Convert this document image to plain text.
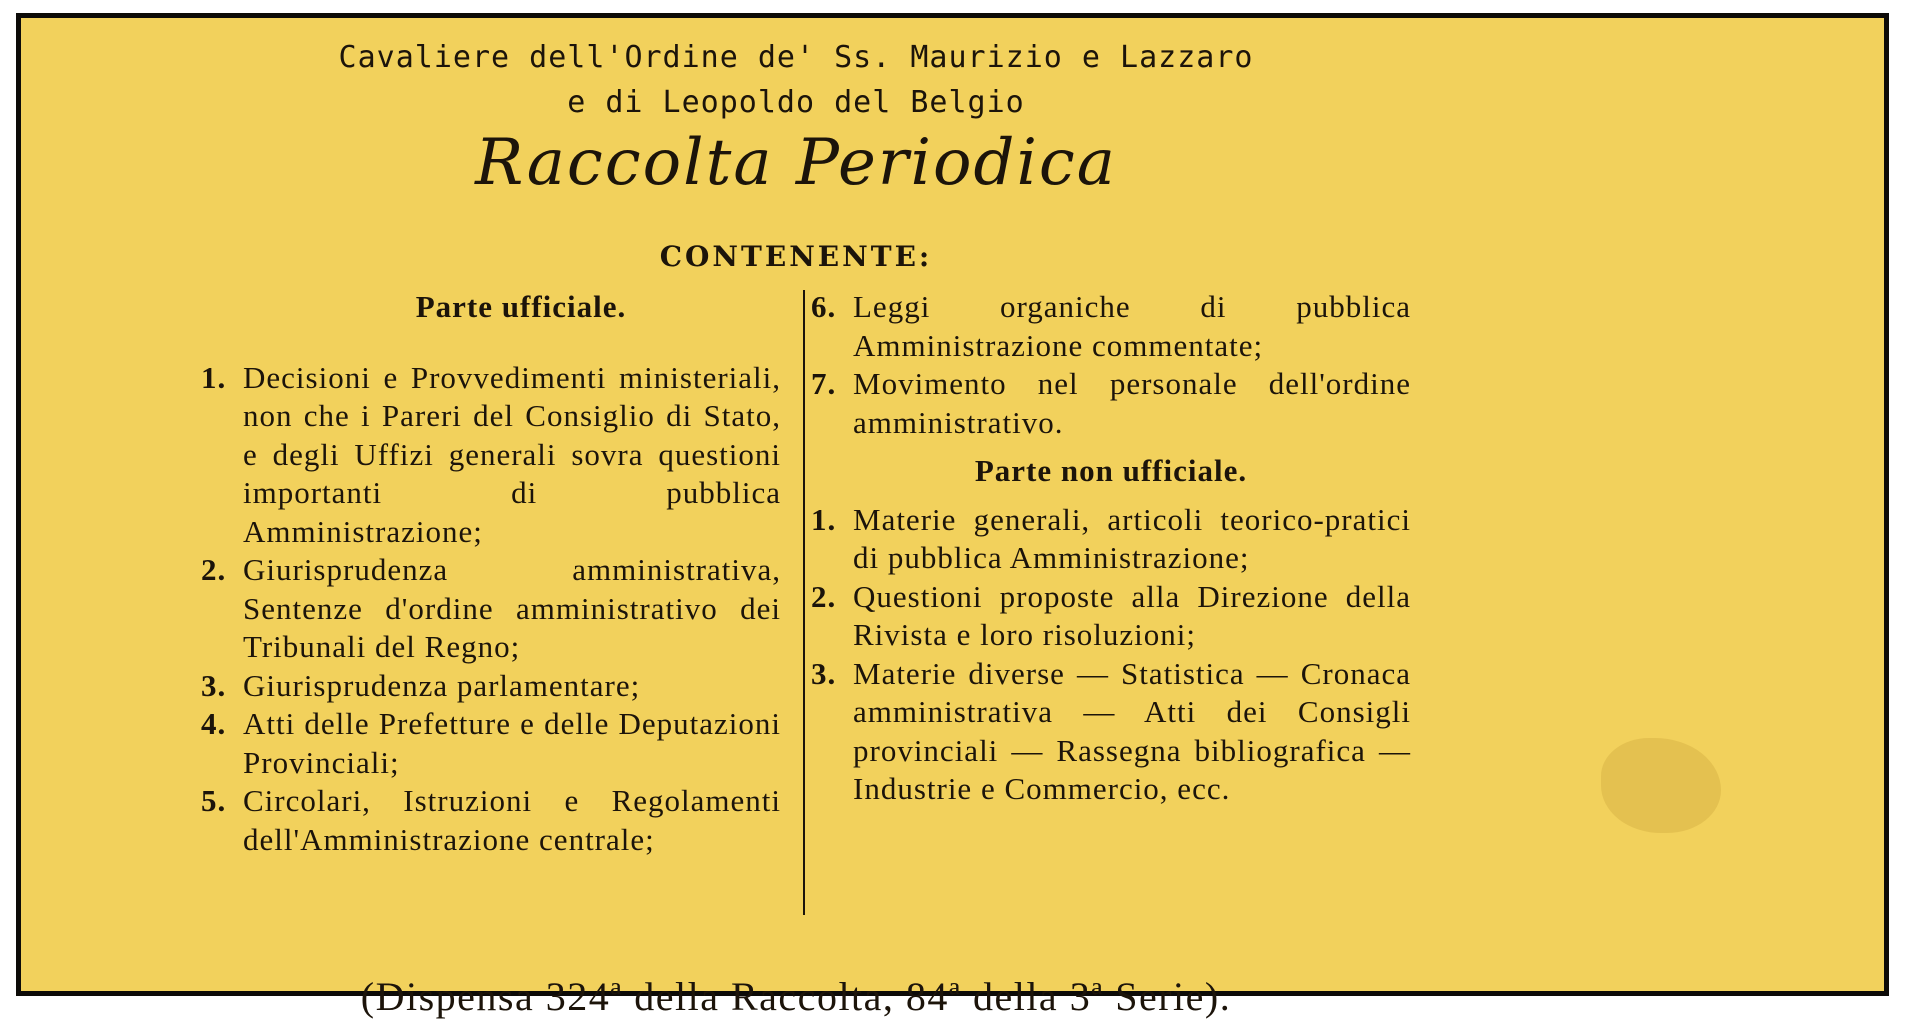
Cavaliere dell'Ordine de' Ss. Maurizio e Lazzaro
e di Leopoldo del Belgio
Raccolta Periodica
CONTENENTE:
Parte ufficiale.
1. Decisioni e Provvedimenti ministeriali, non che i Pareri del Consiglio di Stato, e degli Uffizi generali sovra questioni importanti di pubblica Amministrazione;
2. Giurisprudenza amministrativa, Sentenze d'ordine amministrativo dei Tribunali del Regno;
3. Giurisprudenza parlamentare;
4. Atti delle Prefetture e delle Deputazioni Provinciali;
5. Circolari, Istruzioni e Regolamenti dell'Amministrazione centrale;
6. Leggi organiche di pubblica Amministrazione commentate;
7. Movimento nel personale dell'ordine amministrativo.
Parte non ufficiale.
1. Materie generali, articoli teorico-pratici di pubblica Amministrazione;
2. Questioni proposte alla Direzione della Rivista e loro risoluzioni;
3. Materie diverse — Statistica — Cronaca amministrativa — Atti dei Consigli provinciali — Rassegna bibliografica — Industrie e Commercio, ecc.
(Dispensa 324ª della Raccolta, 84ª della 3ª Serie).
